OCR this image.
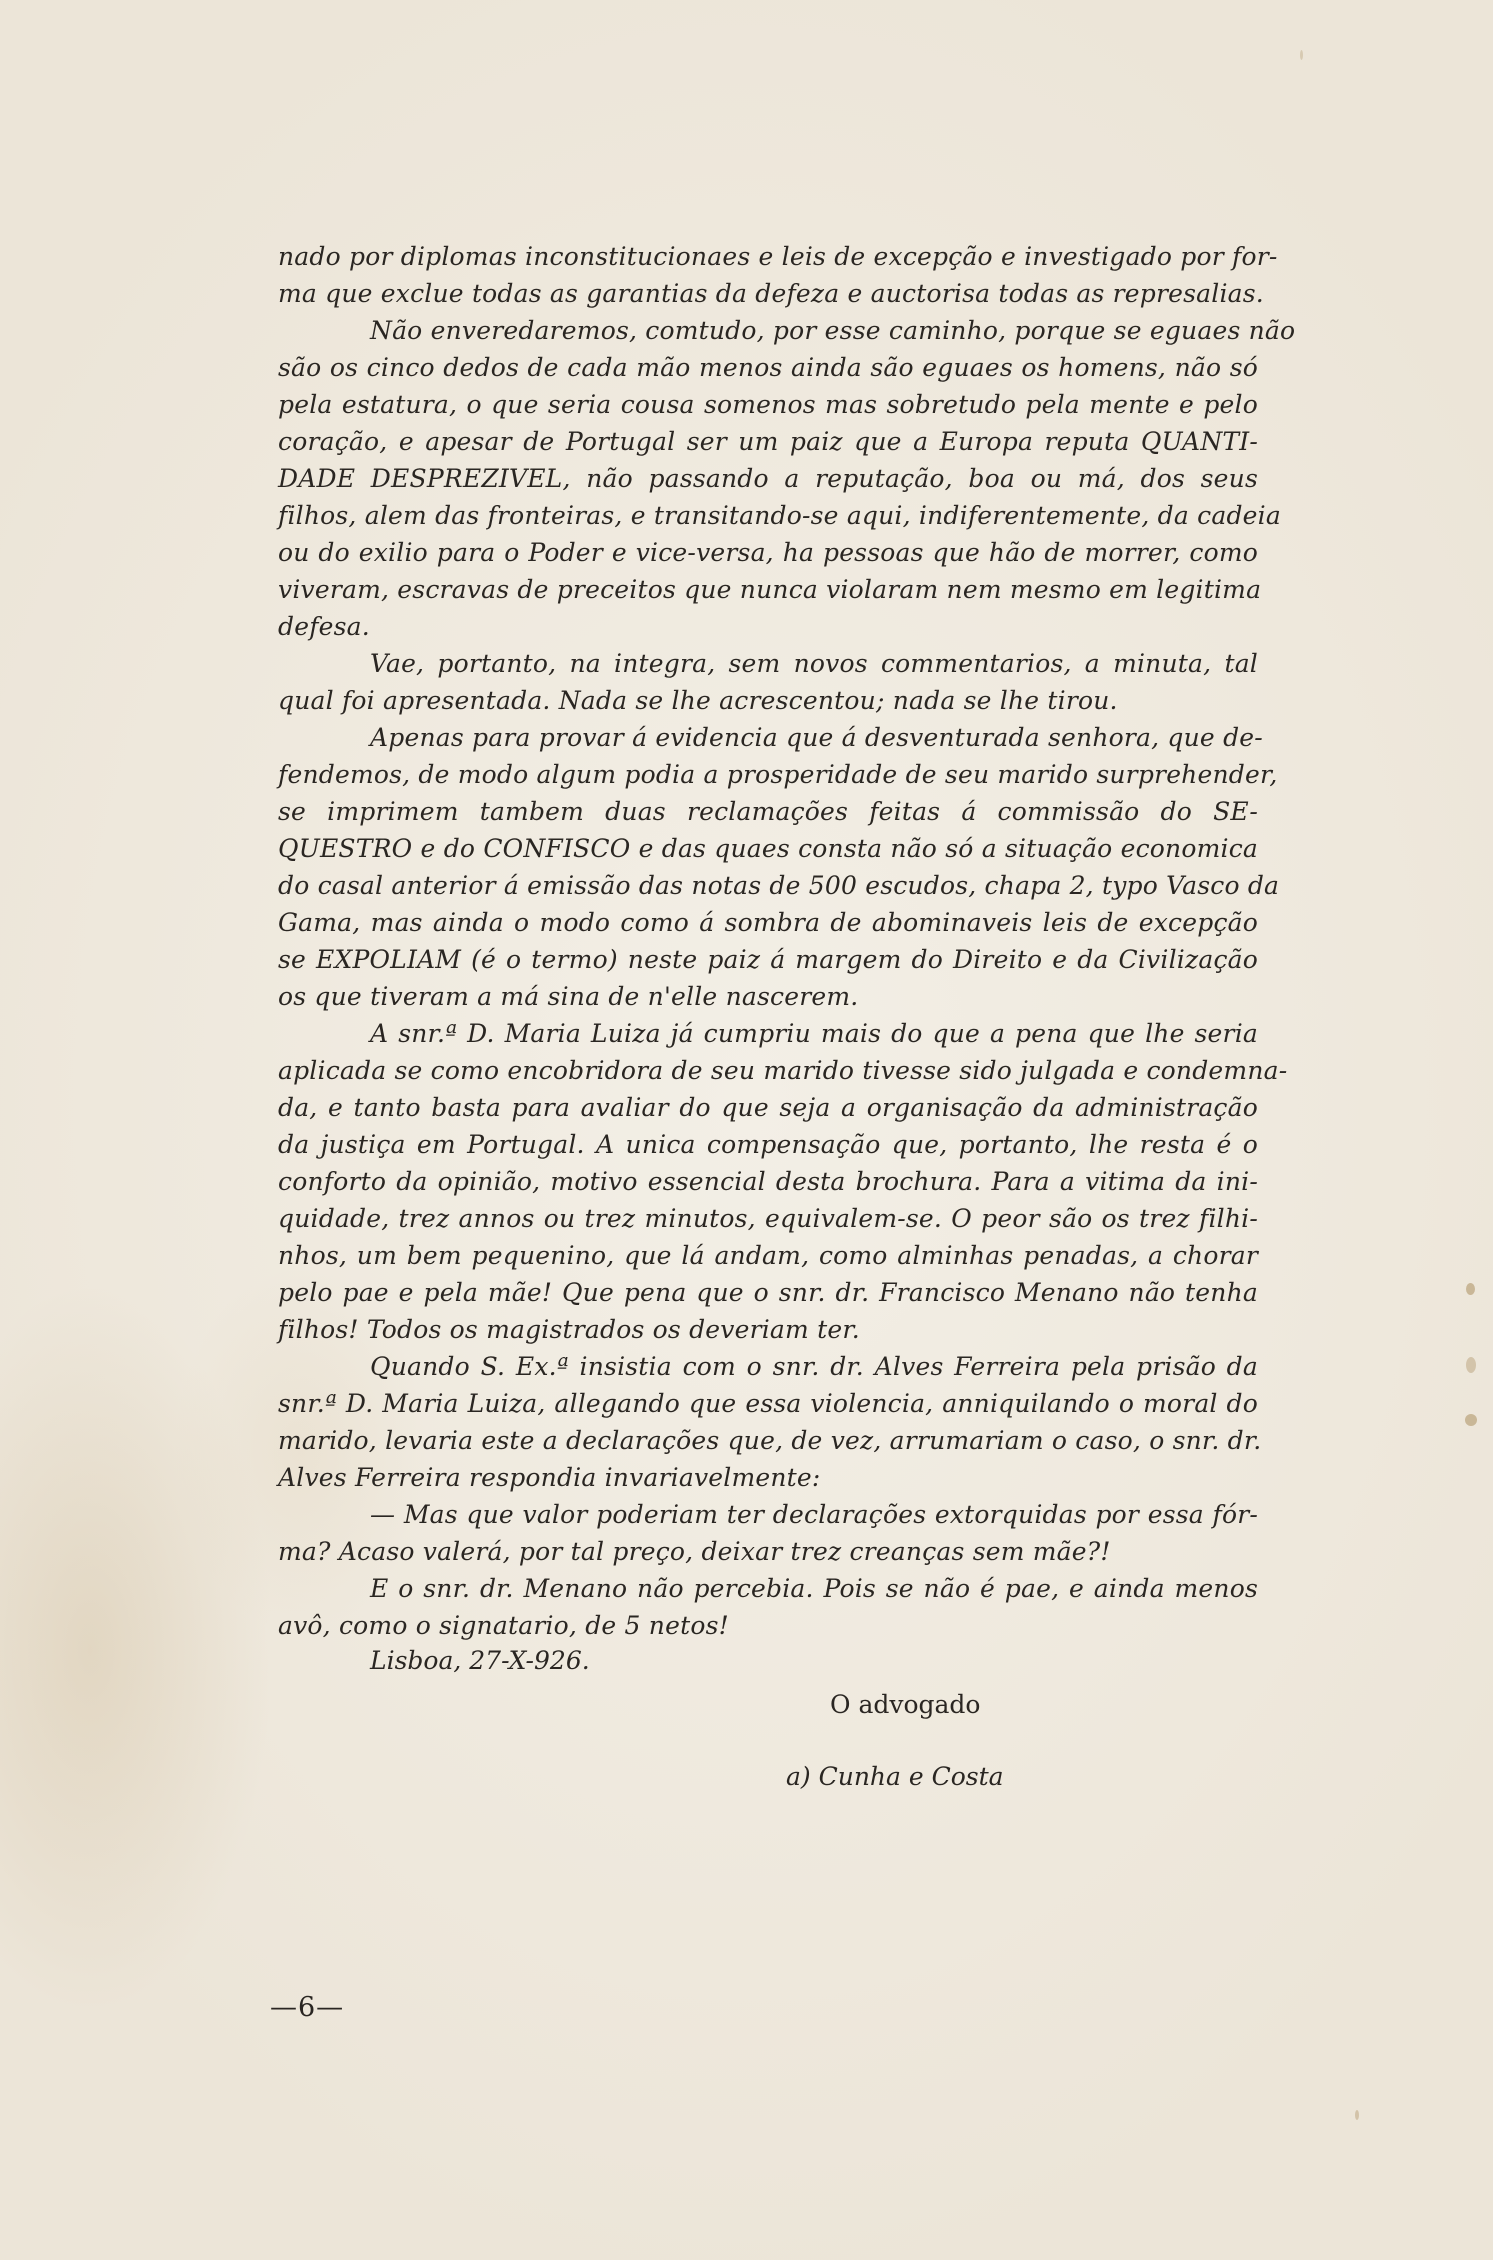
nado por diplomas inconstitucionaes e leis de excepção e investigado por for-
ma que exclue todas as garantias da defeza e auctorisa todas as represalias.
Não enveredaremos, comtudo, por esse caminho, porque se eguaes não
são os cinco dedos de cada mão menos ainda são eguaes os homens, não só
pela estatura, o que seria cousa somenos mas sobretudo pela mente e pelo
coração, e apesar de Portugal ser um paiz que a Europa reputa QUANTI-
DADE DESPREZIVEL, não passando a reputação, boa ou má, dos seus
filhos, alem das fronteiras, e transitando-se aqui, indiferentemente, da cadeia
ou do exilio para o Poder e vice-versa, ha pessoas que hão de morrer, como
viveram, escravas de preceitos que nunca violaram nem mesmo em legitima
defesa.
Vae, portanto, na integra, sem novos commentarios, a minuta, tal
qual foi apresentada. Nada se lhe acrescentou; nada se lhe tirou.
Apenas para provar á evidencia que á desventurada senhora, que de-
fendemos, de modo algum podia a prosperidade de seu marido surprehender,
se imprimem tambem duas reclamações feitas á commissão do SE-
QUESTRO e do CONFISCO e das quaes consta não só a situação economica
do casal anterior á emissão das notas de 500 escudos, chapa 2, typo Vasco da
Gama, mas ainda o modo como á sombra de abominaveis leis de excepção
se EXPOLIAM (é o termo) neste paiz á margem do Direito e da Civilização
os que tiveram a má sina de n'elle nascerem.
A snr.ª D. Maria Luiza já cumpriu mais do que a pena que lhe seria
aplicada se como encobridora de seu marido tivesse sido julgada e condemna-
da, e tanto basta para avaliar do que seja a organisação da administração
da justiça em Portugal. A unica compensação que, portanto, lhe resta é o
conforto da opinião, motivo essencial desta brochura. Para a vitima da ini-
quidade, trez annos ou trez minutos, equivalem-se. O peor são os trez filhi-
nhos, um bem pequenino, que lá andam, como alminhas penadas, a chorar
pelo pae e pela mãe! Que pena que o snr. dr. Francisco Menano não tenha
filhos! Todos os magistrados os deveriam ter.
Quando S. Ex.ª insistia com o snr. dr. Alves Ferreira pela prisão da
snr.ª D. Maria Luiza, allegando que essa violencia, anniquilando o moral do
marido, levaria este a declarações que, de vez, arrumariam o caso, o snr. dr.
Alves Ferreira respondia invariavelmente:
— Mas que valor poderiam ter declarações extorquidas por essa fór-
ma? Acaso valerá, por tal preço, deixar trez creanças sem mãe?!
E o snr. dr. Menano não percebia. Pois se não é pae, e ainda menos
avô, como o signatario, de 5 netos!
Lisboa, 27-X-926.
O advogado
a) Cunha e Costa
—6—
